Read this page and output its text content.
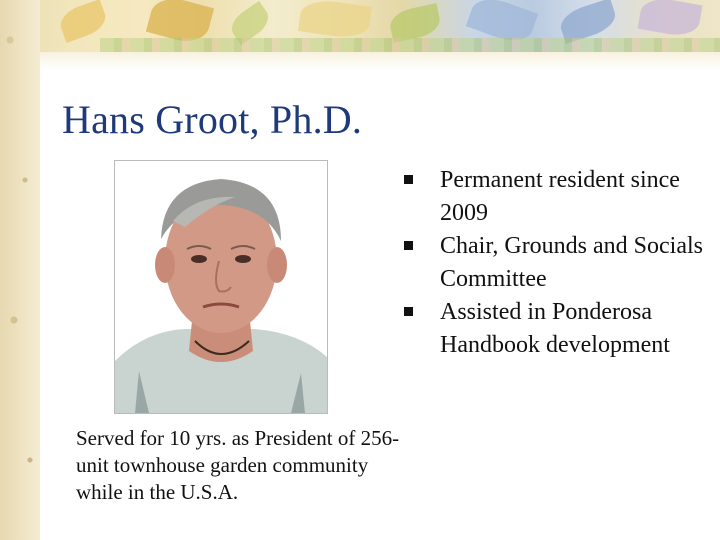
Hans Groot, Ph.D.
Served for 10 yrs. as President of 256-unit townhouse garden community while in the U.S.A.
Permanent resident since 2009
Chair, Grounds and Socials Committee
Assisted in Ponderosa Handbook development
